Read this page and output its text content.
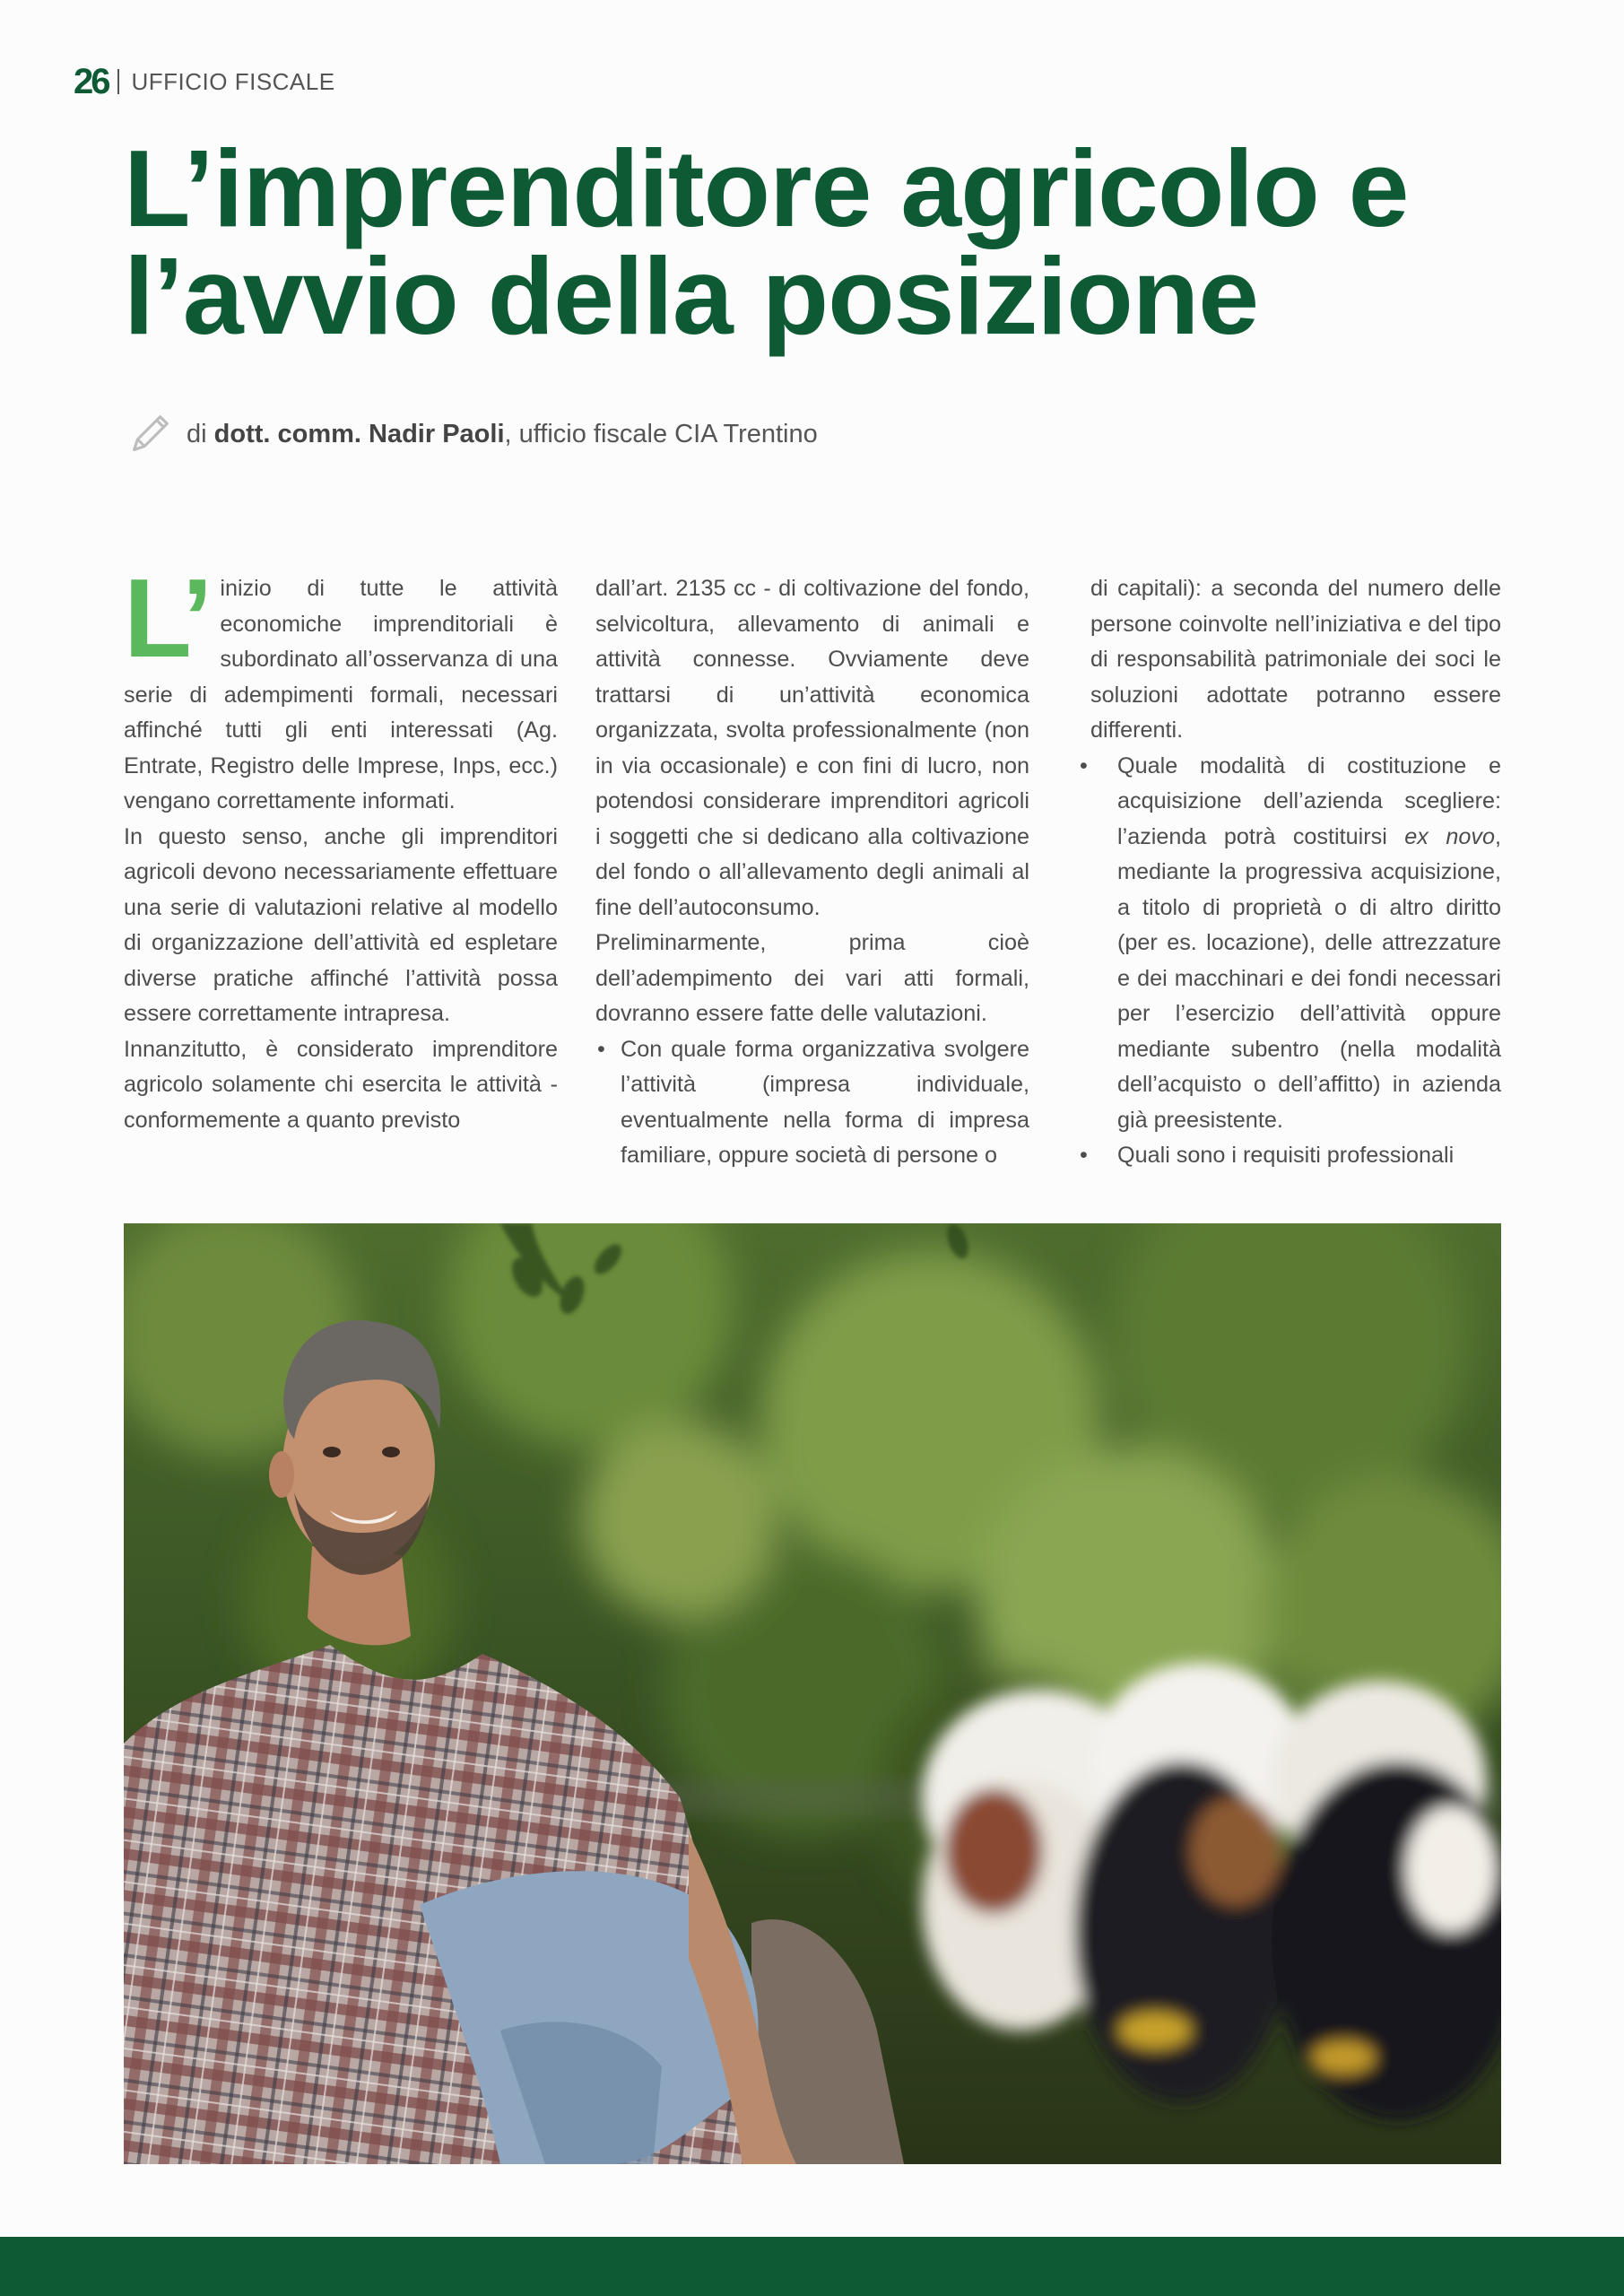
26 UFFICIO FISCALE
L’imprenditore agricolo e
l’avvio della posizione
di dott. comm. Nadir Paoli , ufficio fiscale CIA Trentino

L’ inizio di tutte le attività economiche imprenditoriali è subordinato all’osservanza di una serie di adempimenti formali, necessari affinché tutti gli enti interessati (Ag. Entrate, Registro delle Imprese, Inps, ecc.) vengano correttamente informati.

In questo senso, anche gli imprenditori agricoli devono necessariamente effettuare una serie di valutazioni relative al modello di organizzazione dell’attività ed espletare diverse pratiche affinché l’attività possa essere correttamente intrapresa.

Innanzitutto, è considerato imprenditore agricolo solamente chi esercita le attività - conformemente a quanto previsto

dall’art. 2135 cc - di coltivazione del fondo, selvicoltura, allevamento di animali e attività connesse. Ovviamente deve trattarsi di un’attività economica organizzata, svolta professionalmente (non in via occasionale) e con fini di lucro, non potendosi considerare imprenditori agricoli i soggetti che si dedicano alla coltivazione del fondo o all’allevamento degli animali al fine dell’autoconsumo.

Preliminarmente, prima cioè dell’adempimento dei vari atti formali, dovranno essere fatte delle valutazioni.

• Con quale forma organizzativa svolgere l’attività (impresa individuale, eventualmente nella forma di impresa familiare, oppure società di persone o

di capitali): a seconda del numero delle persone coinvolte nell’iniziativa e del tipo di responsabilità patrimoniale dei soci le soluzioni adottate potranno essere differenti.

• Quale modalità di costituzione e acquisizione dell’azienda scegliere: l’azienda potrà costituirsi ex novo, mediante la progressiva acquisizione, a titolo di proprietà o di altro diritto (per es. locazione), delle attrezzature e dei macchinari e dei fondi necessari per l’esercizio dell’attività oppure mediante subentro (nella modalità dell’acquisto o dell’affitto) in azienda già preesistente.

• Quali sono i requisiti professionali
